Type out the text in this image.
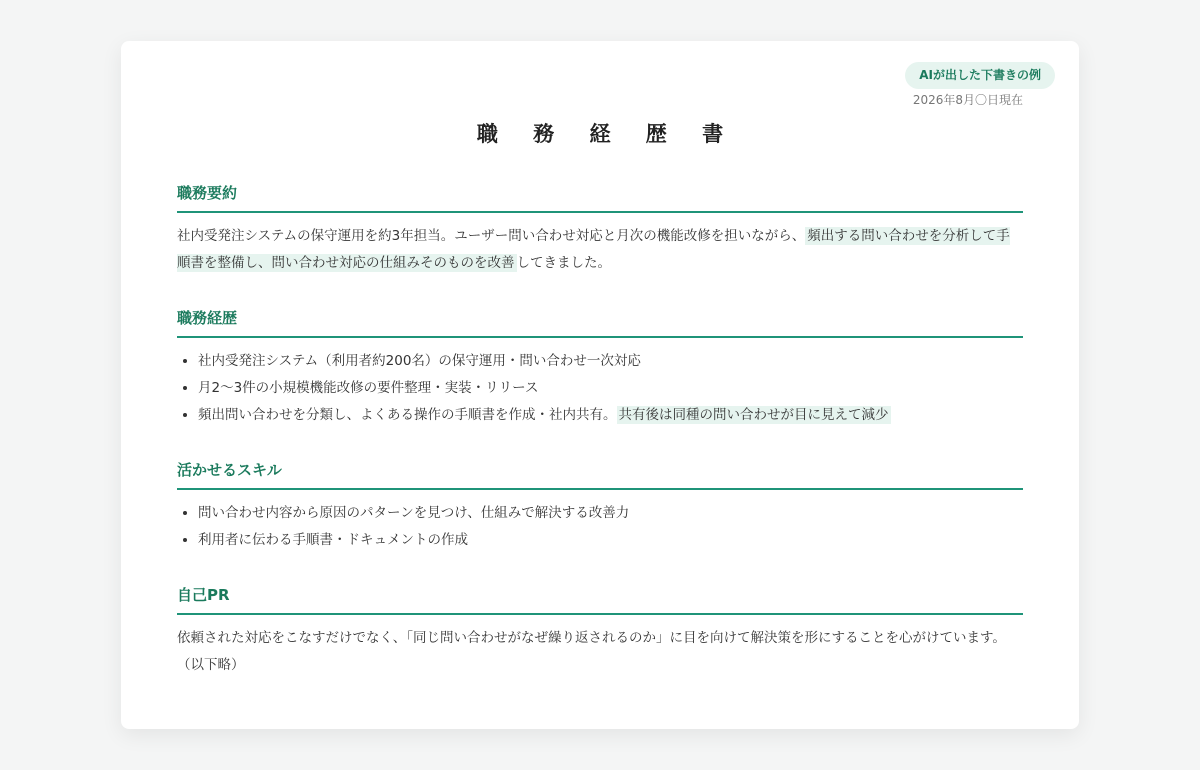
AIが出した下書きの例
2026年8月〇日現在
職 務 経 歴 書
職務要約
社内受発注システムの保守運用を約3年担当。ユーザー問い合わせ対応と月次の機能改修を担いながら、 頻出する問い合わせを分析して手順書を整備し、問い合わせ対応の仕組みそのものを改善 してきました。
職務経歴
• 社内受発注システム（利用者約200名）の保守運用・問い合わせ一次対応
• 月2〜3件の小規模機能改修の要件整理・実装・リリース
• 頻出問い合わせを分類し、よくある操作の手順書を作成・社内共有。 共有後は同種の問い合わせが目に見えて減少
活かせるスキル
• 問い合わせ内容から原因のパターンを見つけ、仕組みで解決する改善力
• 利用者に伝わる手順書・ドキュメントの作成
自己PR
依頼された対応をこなすだけでなく、「同じ問い合わせがなぜ繰り返されるのか」に目を向けて解決策を形にすることを心がけています。（以下略）
